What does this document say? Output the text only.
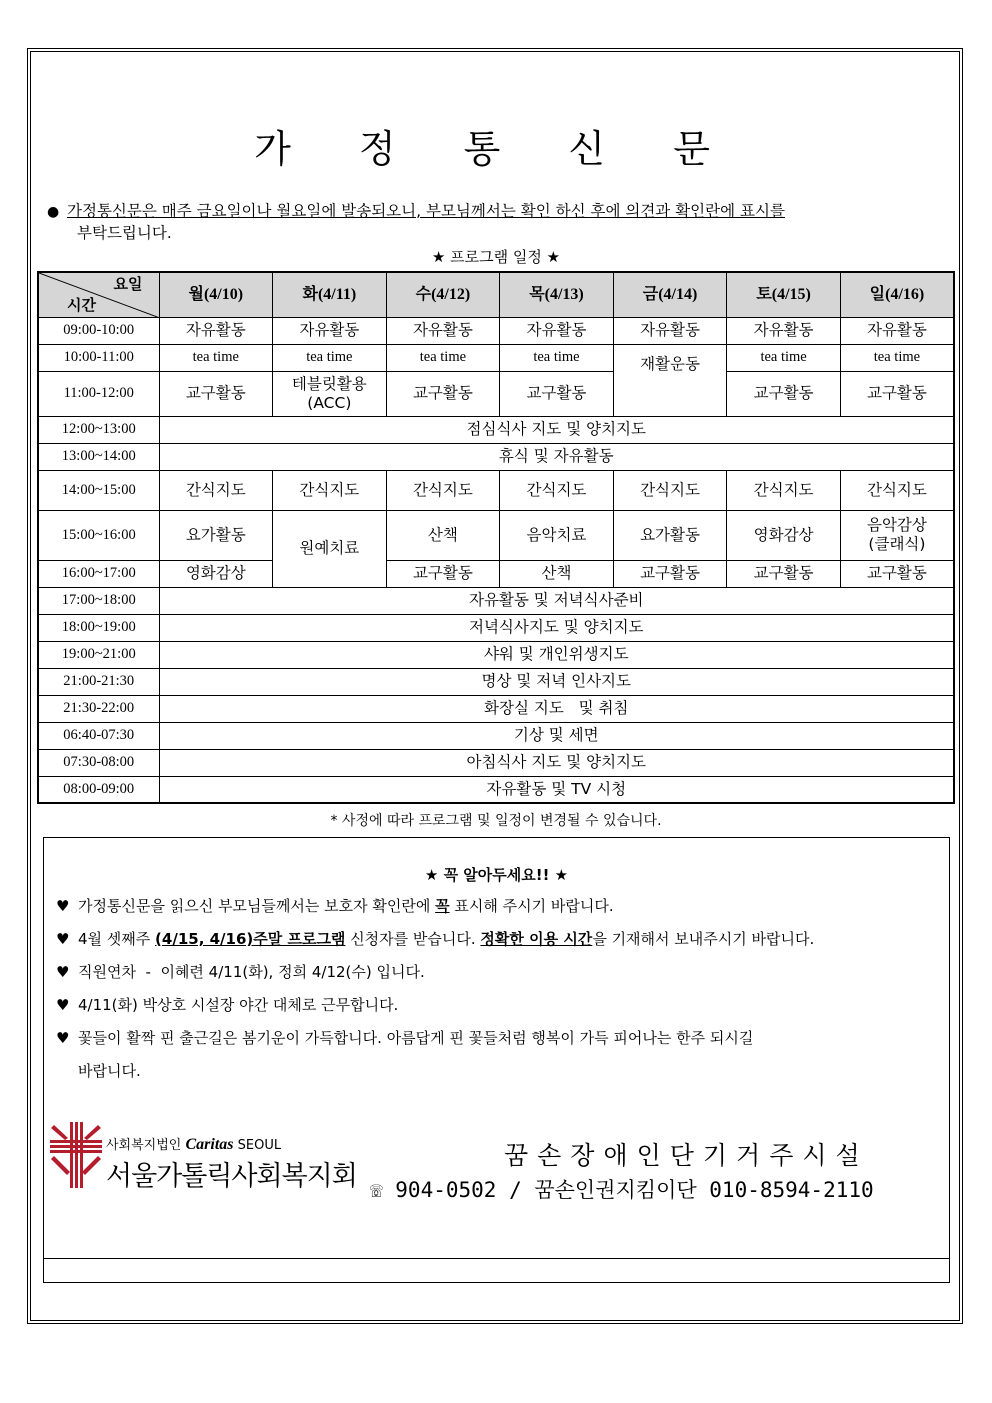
가 정 통 신 문
● 가정통신문은 매주 금요일이나 월요일에 발송되오니, 부모님께서는 확인 하신 후에 의견과 확인란에 표시를
부탁드립니다.
★ 프로그램 일정 ★
요일
시간	월(4/10)	화(4/11)	수(4/12)	목(4/13)	금(4/14)	토(4/15)	일(4/16)
09:00-10:00	자유활동	자유활동	자유활동	자유활동	자유활동	자유활동	자유활동
10:00-11:00	tea time	tea time	tea time	tea time	재활운동	tea time	tea time
11:00-12:00	교구활동	테블릿활용
(ACC)	교구활동	교구활동		교구활동	교구활동
12:00~13:00	점심식사 지도 및 양치지도						
13:00~14:00	휴식 및 자유활동						
14:00~15:00	간식지도	간식지도	간식지도	간식지도	간식지도	간식지도	간식지도
15:00~16:00	요가활동	원예치료	산책	음악치료	요가활동	영화감상	음악감상
(클래식)

16:00~17:00	영화감상		교구활동	산책	교구활동	교구활동	교구활동
17:00~18:00	자유활동 및 저녁식사준비						
18:00~19:00	저녁식사지도 및 양치지도						
19:00~21:00	샤워 및 개인위생지도						
21:00-21:30	명상 및 저녁 인사지도						
21:30-22:00	화장실 지도   및 취침						
06:40-07:30	기상 및 세면						
07:30-08:00	아침식사 지도 및 양치지도						
08:00-09:00	자유활동 및 TV 시청						
* 사정에 따라 프로그램 및 일정이 변경될 수 있습니다.
★ 꼭 알아두세요!! ★
♥ 가정통신문을 읽으신 부모님들께서는 보호자 확인란에 꼭 표시해 주시기 바랍니다.
♥ 4월 셋째주 (4/15, 4/16)주말 프로그램 신청자를 받습니다. 정확한 이용 시간을 기재해서 보내주시기 바랍니다.
♥ 직원연차  -  이혜련 4/11(화), 정희 4/12(수) 입니다.
♥ 4/11(화) 박상호 시설장 야간 대체로 근무합니다.
♥ 꽃들이 활짝 핀 출근길은 봄기운이 가득합니다. 아름답게 핀 꽃들처럼 행복이 가득 피어나는 한주 되시길
바랍니다.
사회복지법인 Caritas SEOUL
서울가톨릭사회복지회
꿈손장애인단기거주시설
☏ 904-0502 / 꿈손인권지킴이단 010-8594-2110
